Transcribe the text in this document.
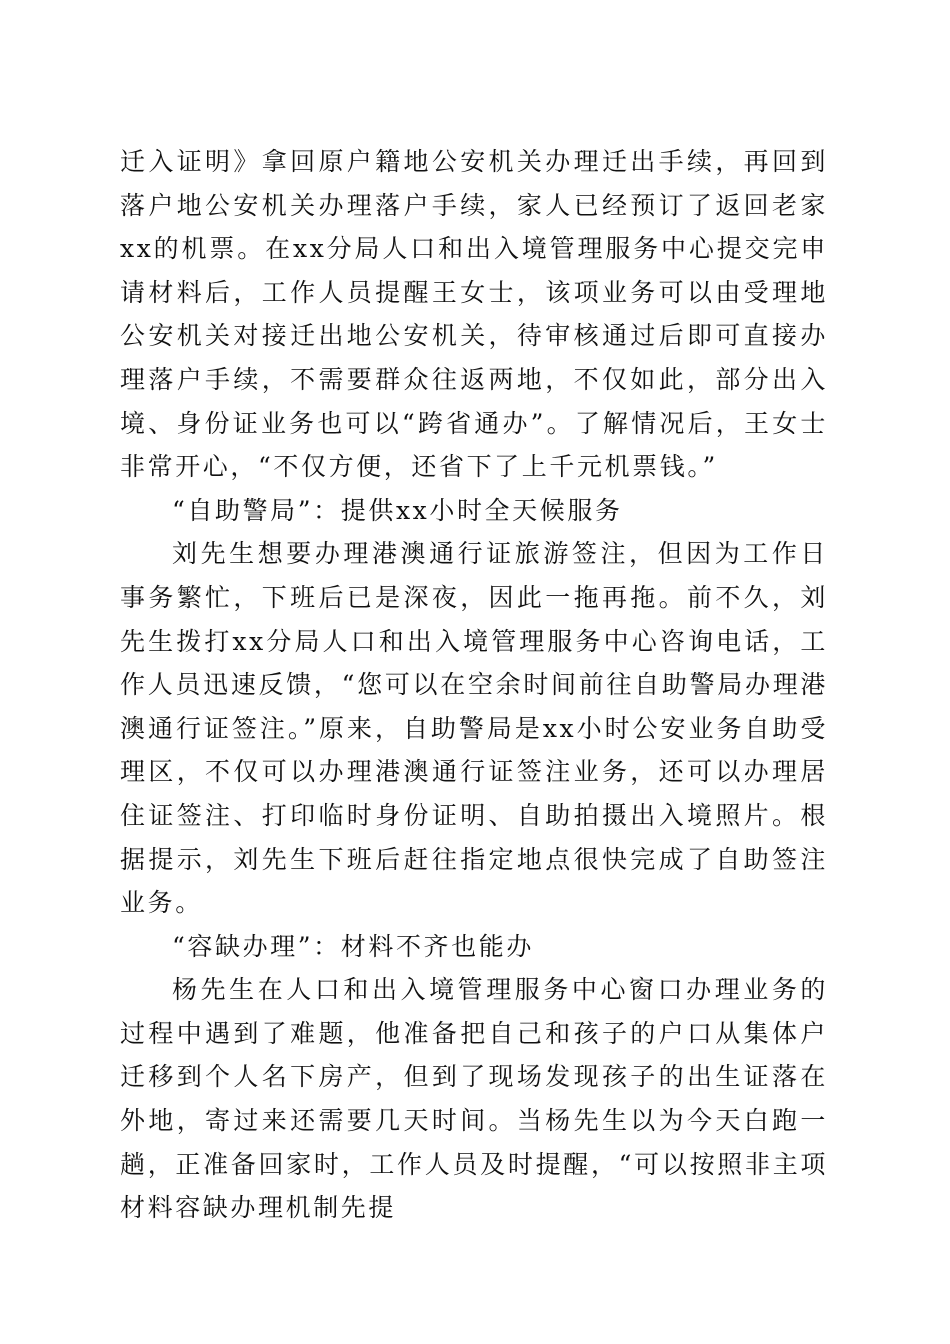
迁入证明》拿回原户籍地公安机关办理迁出手续，再回到落户地公安机关办理落户手续，家人已经预订了返回老家xx的机票。在xx分局人口和出入境管理服务中心提交完申请材料后，工作人员提醒王女士，该项业务可以由受理地公安机关对接迁出地公安机关，待审核通过后即可直接办理落户手续，不需要群众往返两地，不仅如此，部分出入境、身份证业务也可以“跨省通办”。了解情况后，王女士非常开心，“不仅方便，还省下了上千元机票钱。”

“自助警局”：提供xx小时全天候服务

刘先生想要办理港澳通行证旅游签注，但因为工作日事务繁忙，下班后已是深夜，因此一拖再拖。前不久，刘先生拨打xx分局人口和出入境管理服务中心咨询电话，工作人员迅速反馈，“您可以在空余时间前往自助警局办理港澳通行证签注。”原来，自助警局是xx小时公安业务自助受理区，不仅可以办理港澳通行证签注业务，还可以办理居住证签注、打印临时身份证明、自助拍摄出入境照片。根据提示，刘先生下班后赶往指定地点很快完成了自助签注业务。

“容缺办理”：材料不齐也能办

杨先生在人口和出入境管理服务中心窗口办理业务的过程中遇到了难题，他准备把自己和孩子的户口从集体户迁移到个人名下房产，但到了现场发现孩子的出生证落在外地，寄过来还需要几天时间。当杨先生以为今天白跑一趟，正准备回家时，工作人员及时提醒，“可以按照非主项材料容缺办理机制先提
